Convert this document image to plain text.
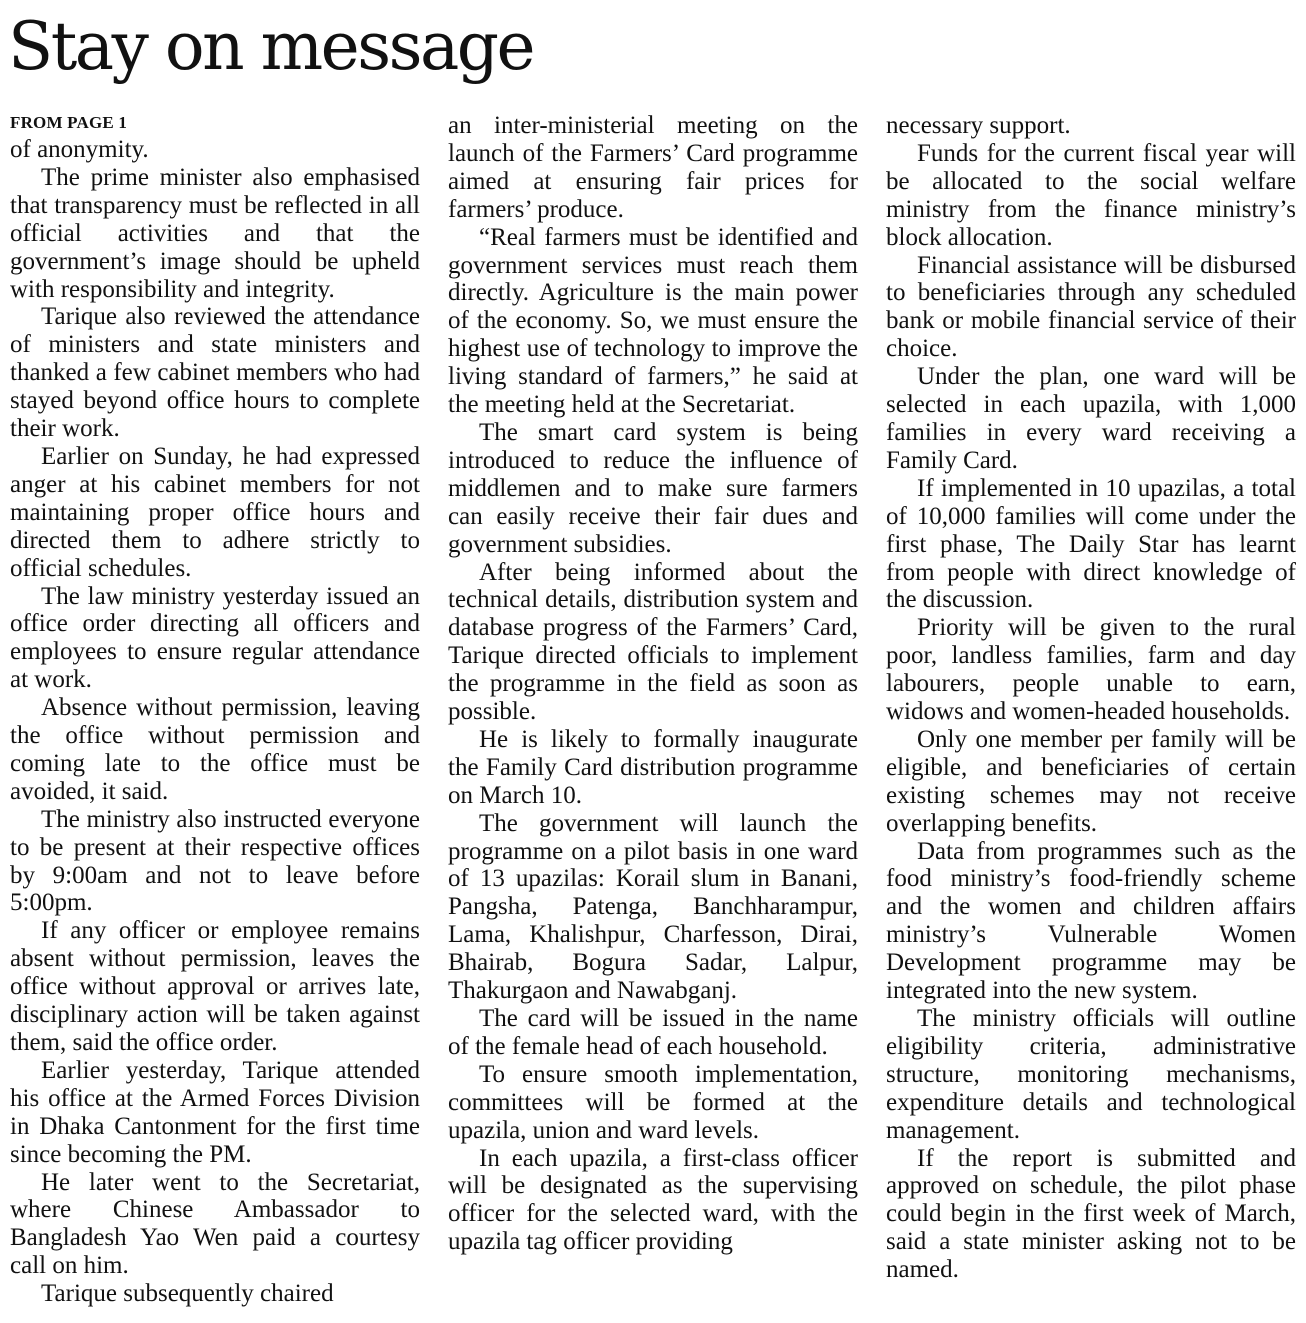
Stay on message
FROM PAGE 1

of anonymity.

The prime minister also emphasised that transparency must be reflected in all official activities and that the government’s image should be upheld with responsibility and integrity.

Tarique also reviewed the attendance of ministers and state ministers and thanked a few cabinet members who had stayed beyond office hours to complete their work.

Earlier on Sunday, he had expressed anger at his cabinet members for not maintaining proper office hours and directed them to adhere strictly to official schedules.

The law ministry yesterday issued an office order directing all officers and employees to ensure regular attendance at work.

Absence without permission, leaving the office without permission and coming late to the office must be avoided, it said.

The ministry also instructed everyone to be present at their respective offices by 9:00am and not to leave before 5:00pm.

If any officer or employee remains absent without permission, leaves the office without approval or arrives late, disciplinary action will be taken against them, said the office order.

Earlier yesterday, Tarique attended his office at the Armed Forces Division in Dhaka Cantonment for the first time since becoming the PM.

He later went to the Secretariat, where Chinese Ambassador to Bangladesh Yao Wen paid a courtesy call on him.

Tarique subsequently chaired

an inter-ministerial meeting on the launch of the Farmers’ Card programme aimed at ensuring fair prices for farmers’ produce.

“Real farmers must be identified and government services must reach them directly. Agriculture is the main power of the economy. So, we must ensure the highest use of technology to improve the living standard of farmers,” he said at the meeting held at the Secretariat.

The smart card system is being introduced to reduce the influence of middlemen and to make sure farmers can easily receive their fair dues and government subsidies.

After being informed about the technical details, distribution system and database progress of the Farmers’ Card, Tarique directed officials to implement the programme in the field as soon as possible.

He is likely to formally inaugurate the Family Card distribution programme on March 10.

The government will launch the programme on a pilot basis in one ward of 13 upazilas: Korail slum in Banani, Pangsha, Patenga, Banchharampur, Lama, Khalishpur, Charfesson, Dirai, Bhairab, Bogura Sadar, Lalpur, Thakurgaon and Nawabganj.

The card will be issued in the name of the female head of each household.

To ensure smooth implementation, committees will be formed at the upazila, union and ward levels.

In each upazila, a first-class officer will be designated as the supervising officer for the selected ward, with the upazila tag officer providing

necessary support.

Funds for the current fiscal year will be allocated to the social welfare ministry from the finance ministry’s block allocation.

Financial assistance will be disbursed to beneficiaries through any scheduled bank or mobile financial service of their choice.

Under the plan, one ward will be selected in each upazila, with 1,000 families in every ward receiving a Family Card.

If implemented in 10 upazilas, a total of 10,000 families will come under the first phase, The Daily Star has learnt from people with direct knowledge of the discussion.

Priority will be given to the rural poor, landless families, farm and day labourers, people unable to earn, widows and women-headed households.

Only one member per family will be eligible, and beneficiaries of certain existing schemes may not receive overlapping benefits.

Data from programmes such as the food ministry’s food-friendly scheme and the women and children affairs ministry’s Vulnerable Women Development programme may be integrated into the new system.

The ministry officials will outline eligibility criteria, administrative structure, monitoring mechanisms, expenditure details and technological management.

If the report is submitted and approved on schedule, the pilot phase could begin in the first week of March, said a state minister asking not to be named.
